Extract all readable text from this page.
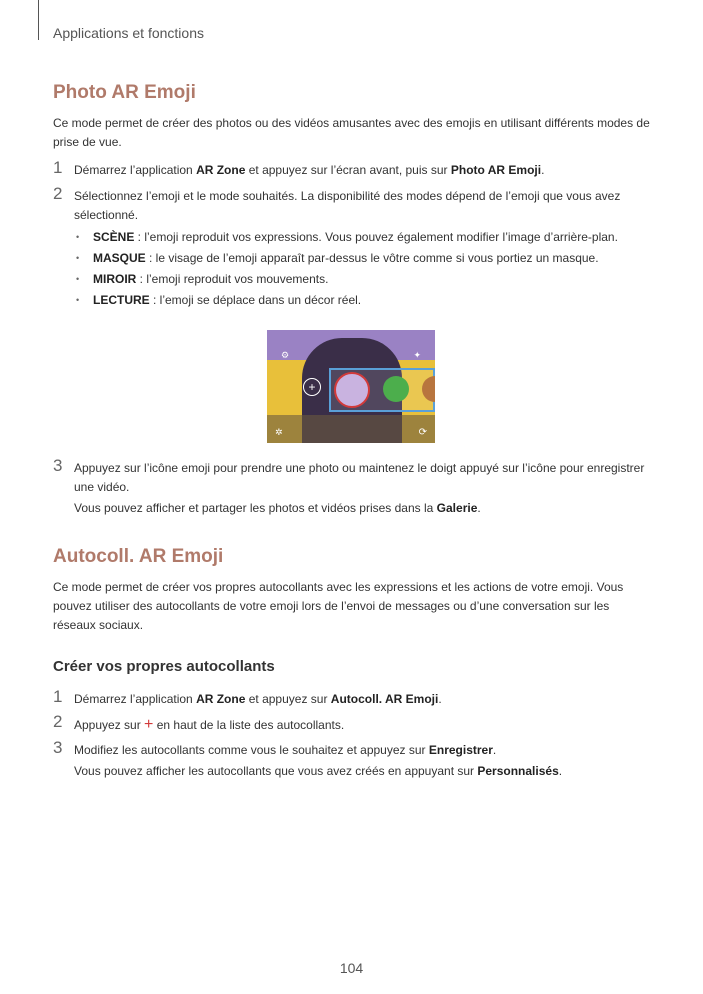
Applications et fonctions
Photo AR Emoji

Ce mode permet de créer des photos ou des vidéos amusantes avec des emojis en utilisant différents modes de prise de vue.

1 Démarrez l’application AR Zone et appuyez sur l’écran avant, puis sur Photo AR Emoji.
2 Sélectionnez l’emoji et le mode souhaités. La disponibilité des modes dépend de l’emoji que vous avez sélectionné.
• SCÈNE : l’emoji reproduit vos expressions. Vous pouvez également modifier l’image d’arrière-plan.
• MASQUE : le visage de l’emoji apparaît par-dessus le vôtre comme si vous portiez un masque.
• MIROIR : l’emoji reproduit vos mouvements.
• LECTURE : l’emoji se déplace dans un décor réel.
⚙	✦
+
✲	⟳
3 Appuyez sur l’icône emoji pour prendre une photo ou maintenez le doigt appuyé sur l’icône pour enregistrer une vidéo.

Vous pouvez afficher et partager les photos et vidéos prises dans la Galerie.

Autocoll. AR Emoji

Ce mode permet de créer vos propres autocollants avec les expressions et les actions de votre emoji. Vous pouvez utiliser des autocollants de votre emoji lors de l’envoi de messages ou d’une conversation sur les réseaux sociaux.

Créer vos propres autocollants
1 Démarrez l’application AR Zone et appuyez sur Autocoll. AR Emoji.
2 Appuyez sur + en haut de la liste des autocollants.
3 Modifiez les autocollants comme vous le souhaitez et appuyez sur Enregistrer.

Vous pouvez afficher les autocollants que vous avez créés en appuyant sur Personnalisés.

104
